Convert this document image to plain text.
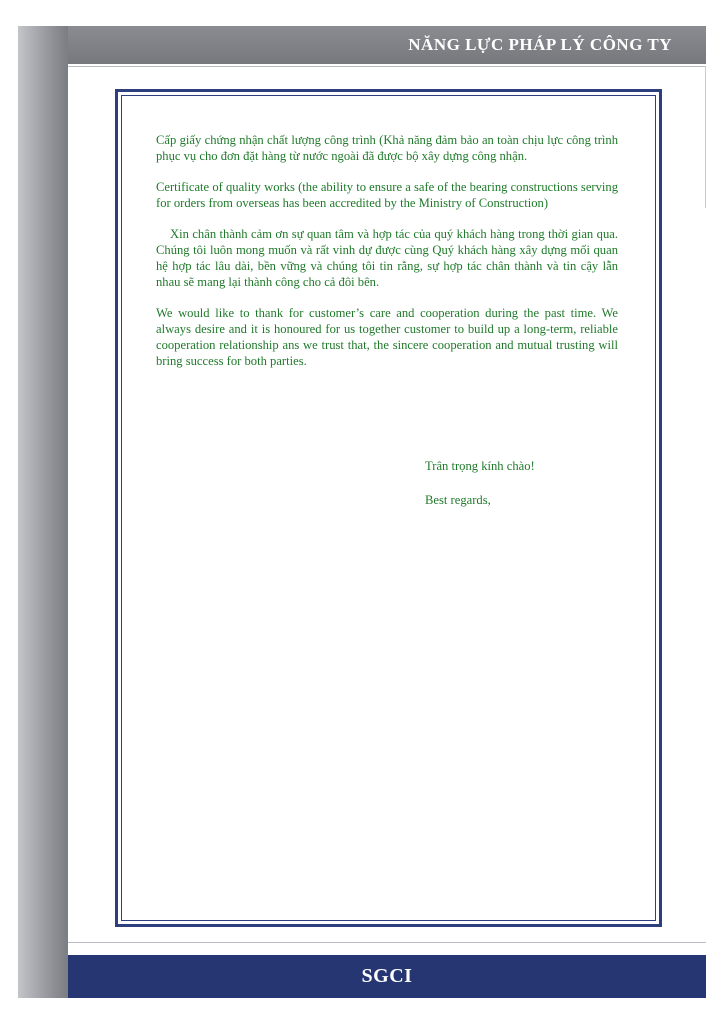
NĂNG LỰC PHÁP LÝ CÔNG TY

Cấp giấy chứng nhận chất lượng công trình (Khả năng đảm bảo an toàn chịu lực công trình phục vụ cho đơn đặt hàng từ nước ngoài đã được bộ xây dựng công nhận.

Certificate of quality works (the ability to ensure a safe of the bearing constructions serving for orders from overseas has been accredited by the Ministry of Construction)

Xin chân thành cảm ơn sự quan tâm và hợp tác của quý khách hàng trong thời gian qua. Chúng tôi luôn mong muốn và rất vinh dự được cùng Quý khách hàng xây dựng mối quan hệ hợp tác lâu dài, bền vững và chúng tôi tin rằng, sự hợp tác chân thành và tin cậy lẫn nhau sẽ mang lại thành công cho cả đôi bên.

We would like to thank for customer’s care and cooperation during the past time. We always desire and it is honoured for us together customer to build up a long-term, reliable cooperation relationship ans we trust that, the sincere cooperation and mutual trusting will bring success for both parties.

Trân trọng kính chào!
Best regards,
SGCI
